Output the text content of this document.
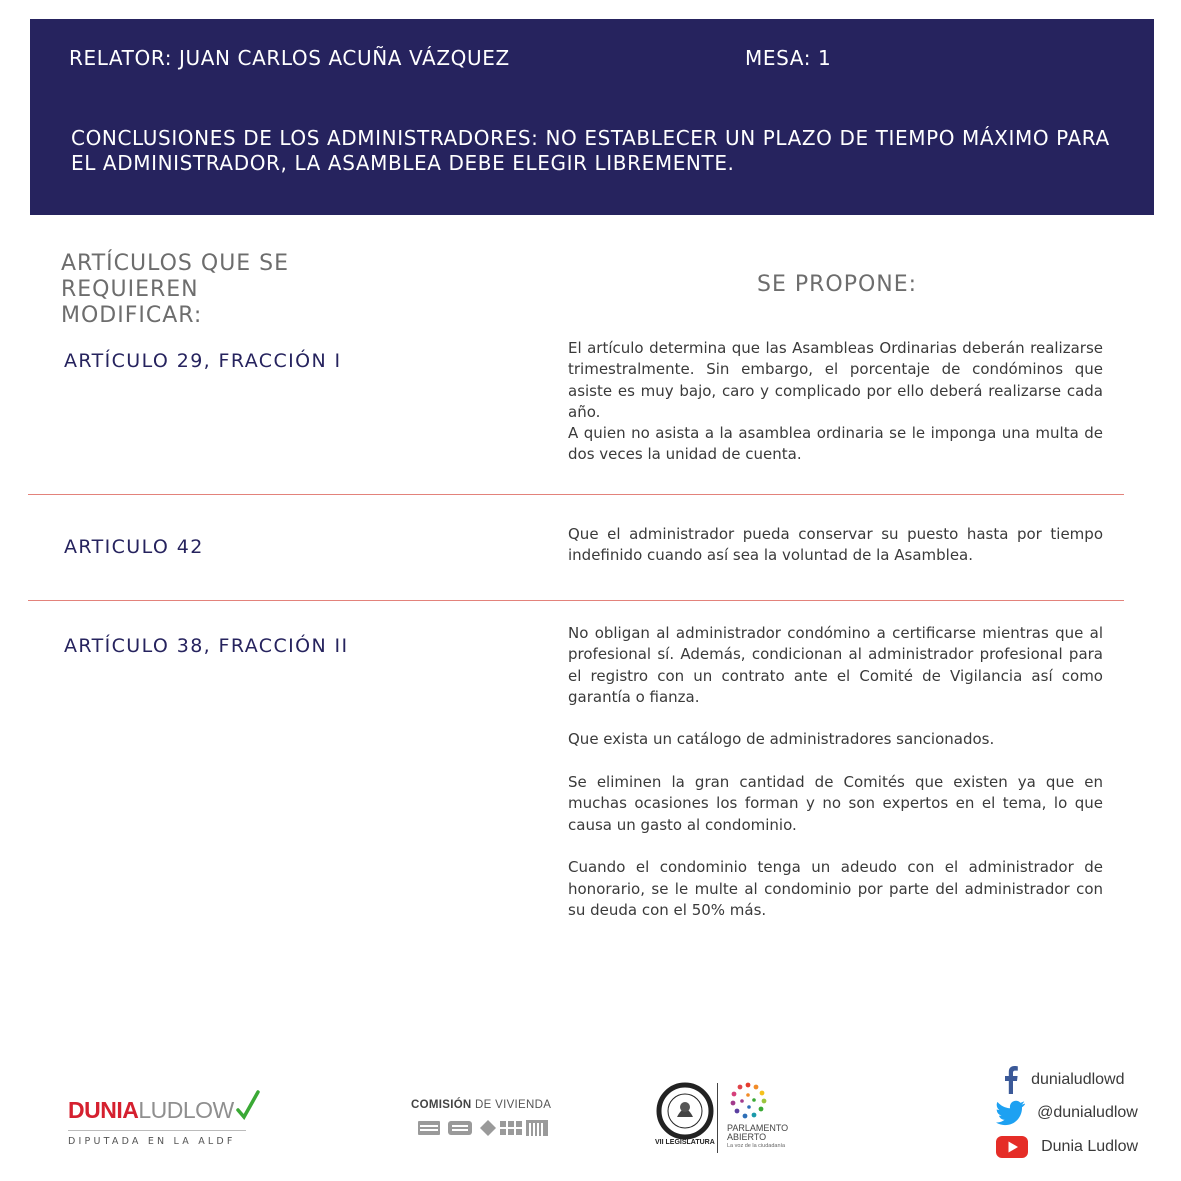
RELATOR: JUAN CARLOS ACUÑA VÁZQUEZ	MESA: 1
CONCLUSIONES DE LOS ADMINISTRADORES: NO ESTABLECER UN PLAZO DE TIEMPO MÁXIMO PARA EL ADMINISTRADOR, LA ASAMBLEA DEBE ELEGIR LIBREMENTE.
ARTÍCULOS QUE SE REQUIEREN MODIFICAR:
SE PROPONE:
ARTÍCULO 29, FRACCIÓN I

El artículo determina que las Asambleas Ordinarias deberán realizarse trimestralmente. Sin embargo, el porcentaje de condóminos que asiste es muy bajo, caro y complicado por ello deberá realizarse cada año.

A quien no asista a la asamblea ordinaria se le imponga una multa de dos veces la unidad de cuenta.

ARTICULO 42

Que el administrador pueda conservar su puesto hasta por tiempo indefinido cuando así sea la voluntad de la Asamblea.

ARTÍCULO 38, FRACCIÓN II

No obligan al administrador condómino a certificarse mientras que al profesional sí. Además, condicionan al administrador profesional para el registro con un contrato ante el Comité de Vigilancia así como garantía o fianza.

Que exista un catálogo de administradores sancionados.

Se eliminen la gran cantidad de Comités que existen ya que en muchas ocasiones los forman y no son expertos en el tema, lo que causa un gasto al condominio.

Cuando el condominio tenga un adeudo con el administrador de honorario, se le multe al condominio por parte del administrador con su deuda con el 50% más.

DUNIALUDLOW
DIPUTADA EN LA ALDF
COMISIÓN DE VIVIENDA
VII LEGISLATURA
PARLAMENTO
ABIERTO
La voz de la ciudadanía
dunialudlowd
@dunialudlow
Dunia Ludlow
